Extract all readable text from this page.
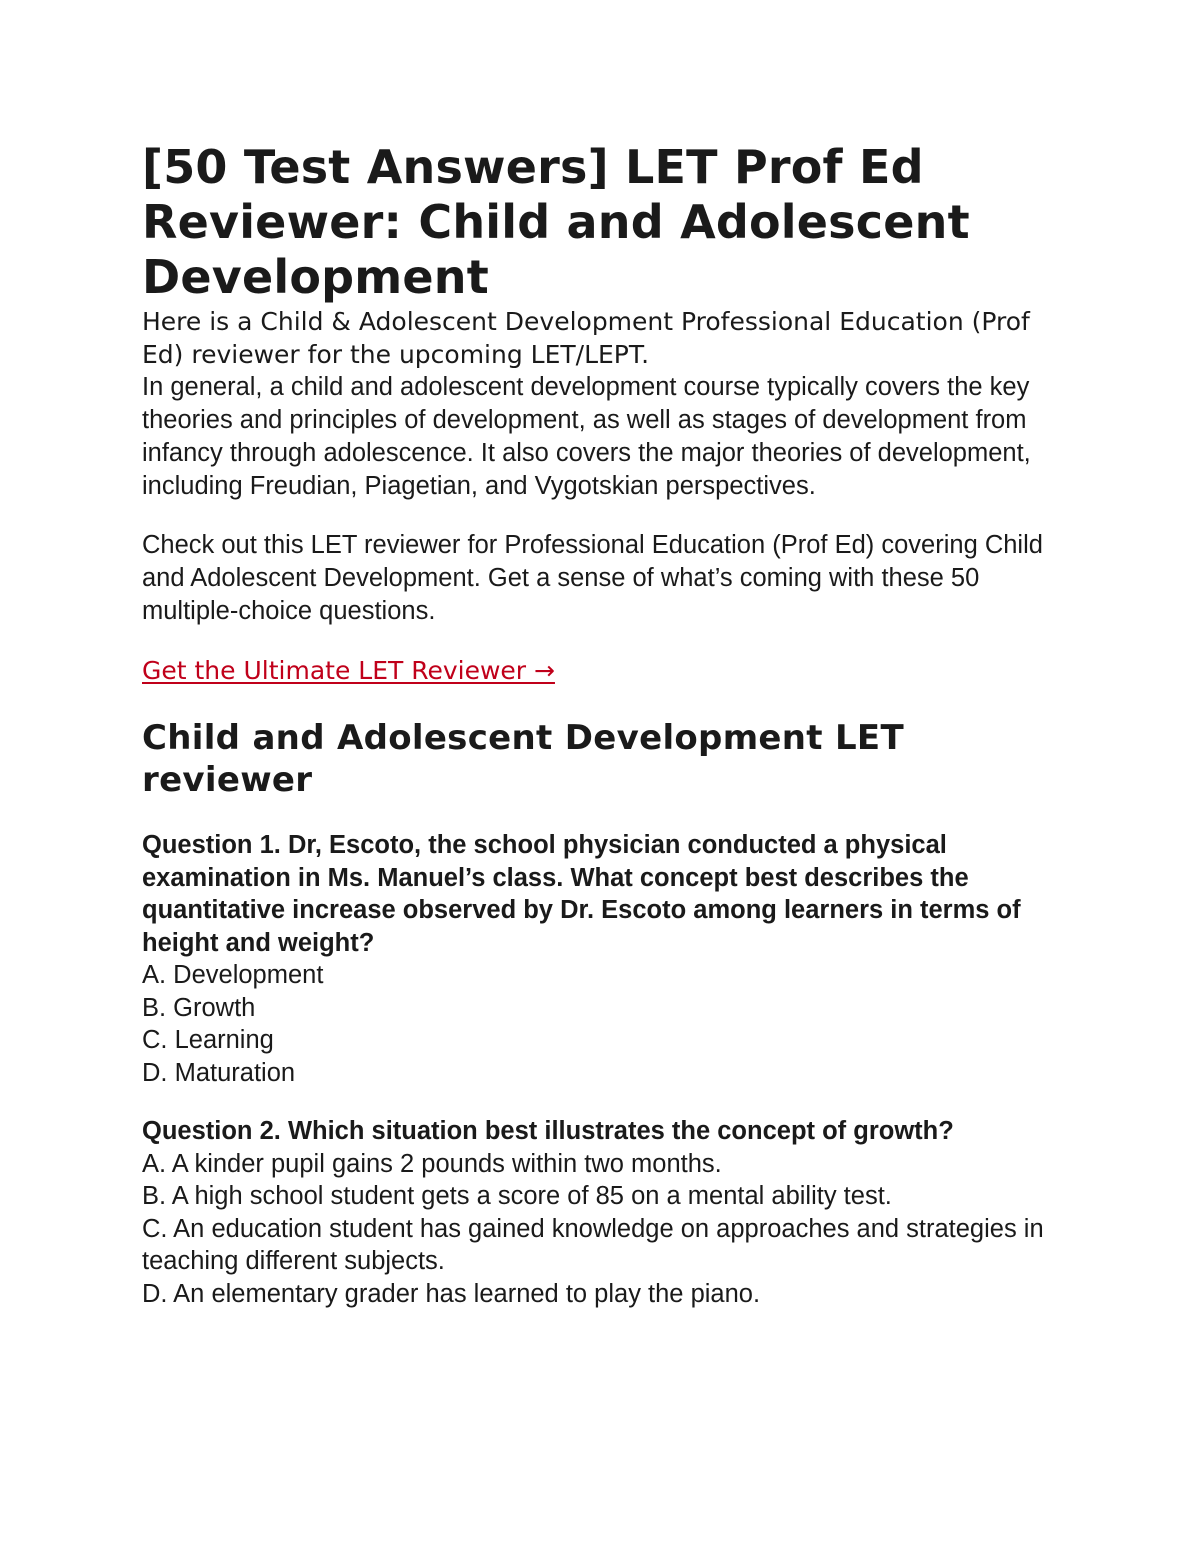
[50 Test Answers] LET Prof Ed Reviewer: Child and Adolescent Development

Here is a Child & Adolescent Development Professional Education (Prof Ed) reviewer for the upcoming LET/LEPT.

In general, a child and adolescent development course typically covers the key theories and principles of development, as well as stages of development from infancy through adolescence. It also covers the major theories of development, including Freudian, Piagetian, and Vygotskian perspectives.

Check out this LET reviewer for Professional Education (Prof Ed) covering Child and Adolescent Development. Get a sense of what’s coming with these 50 multiple-choice questions.

Get the Ultimate LET Reviewer →
Child and Adolescent Development LET reviewer

Question 1. Dr, Escoto, the school physician conducted a physical examination in Ms. Manuel’s class. What concept best describes the quantitative increase observed by Dr. Escoto among learners in terms of height and weight?

A. Development

B. Growth

C. Learning

D. Maturation

Question 2. Which situation best illustrates the concept of growth?

A. A kinder pupil gains 2 pounds within two months.

B. A high school student gets a score of 85 on a mental ability test.

C. An education student has gained knowledge on approaches and strategies in teaching different subjects.

D. An elementary grader has learned to play the piano.
